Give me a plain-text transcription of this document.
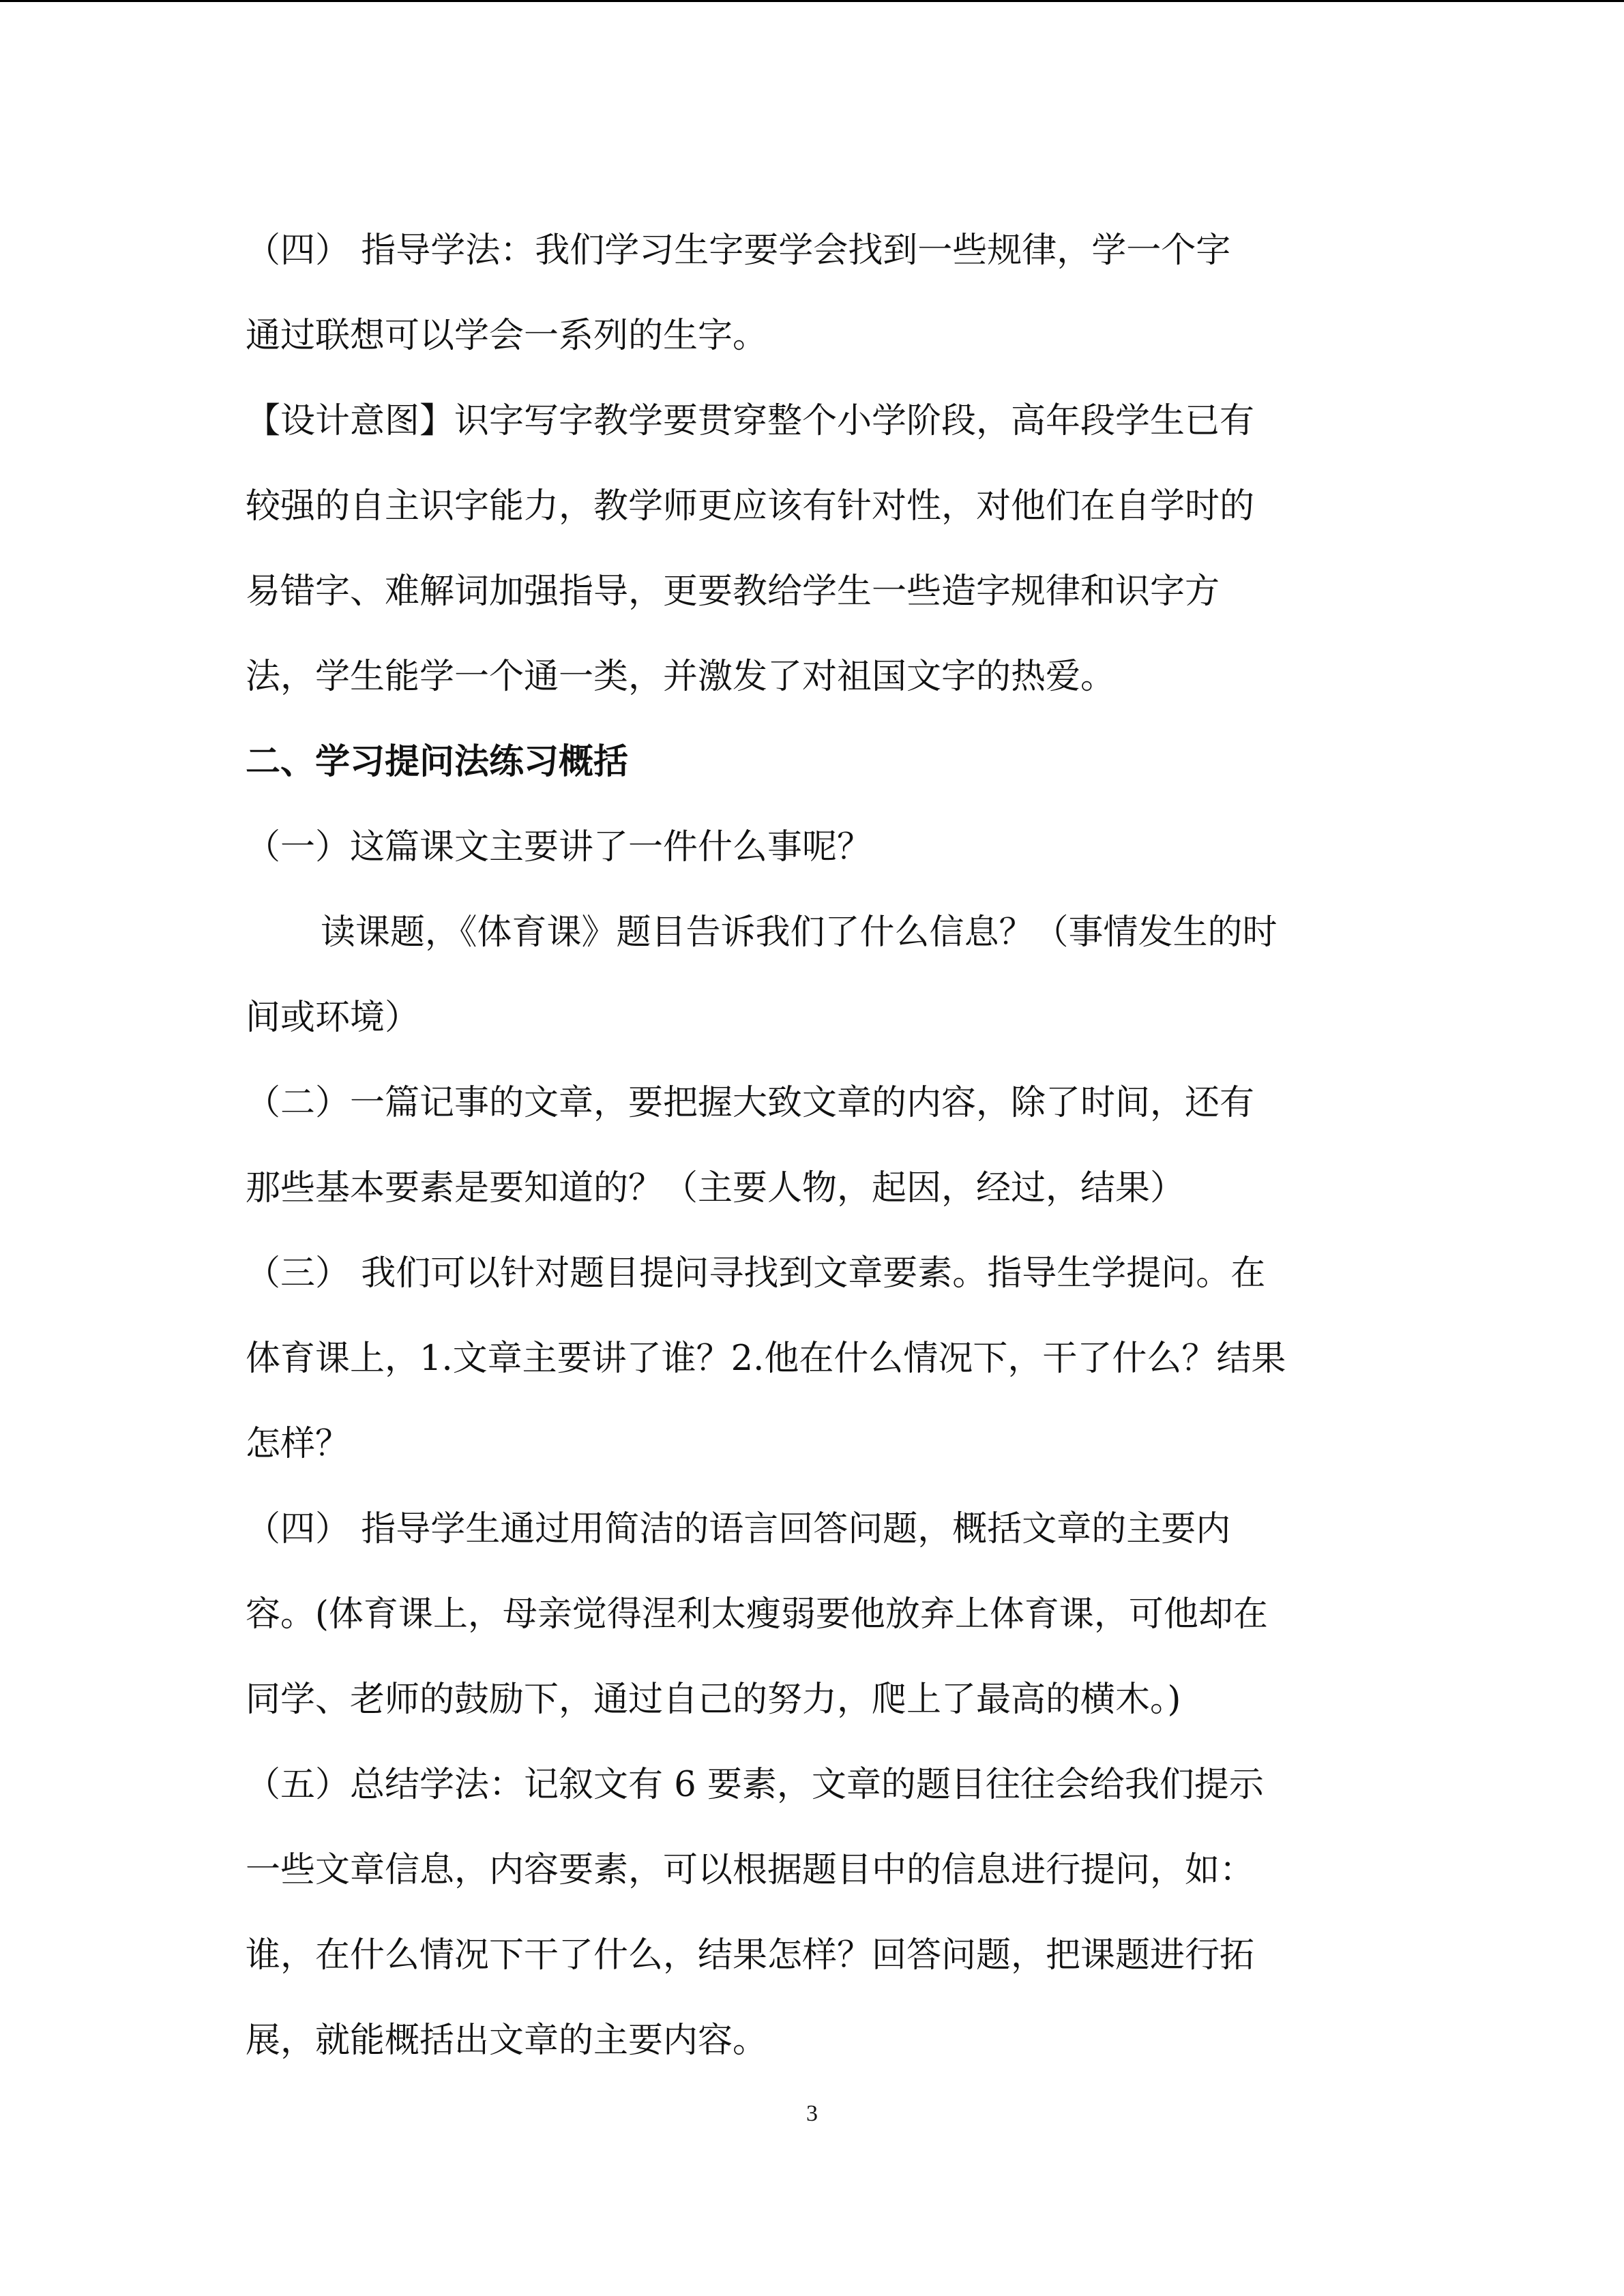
（四） 指导学法：我们学习生字要学会找到一些规律，学一个字
通过联想可以学会一系列的生字。
【设计意图】识字写字教学要贯穿整个小学阶段，高年段学生已有
较强的自主识字能力，教学师更应该有针对性，对他们在自学时的
易错字、难解词加强指导，更要教给学生一些造字规律和识字方
法，学生能学一个通一类，并激发了对祖国文字的热爱。
二、学习提问法练习概括
（一）这篇课文主要讲了一件什么事呢？
读课题，《体育课》题目告诉我们了什么信息？（事情发生的时
间或环境）
（二）一篇记事的文章，要把握大致文章的内容，除了时间，还有
那些基本要素是要知道的？（主要人物，起因，经过，结果）
（三） 我们可以针对题目提问寻找到文章要素。指导生学提问。在
体育课上，1.文章主要讲了谁？2.他在什么情况下，干了什么？结果
怎样？
（四） 指导学生通过用简洁的语言回答问题，概括文章的主要内
容。(体育课上，母亲觉得涅利太瘦弱要他放弃上体育课，可他却在
同学、老师的鼓励下，通过自己的努力，爬上了最高的横木。)
（五）总结学法：记叙文有 6 要素，文章的题目往往会给我们提示
一些文章信息，内容要素，可以根据题目中的信息进行提问，如：
谁，在什么情况下干了什么，结果怎样？回答问题，把课题进行拓
展，就能概括出文章的主要内容。
3
